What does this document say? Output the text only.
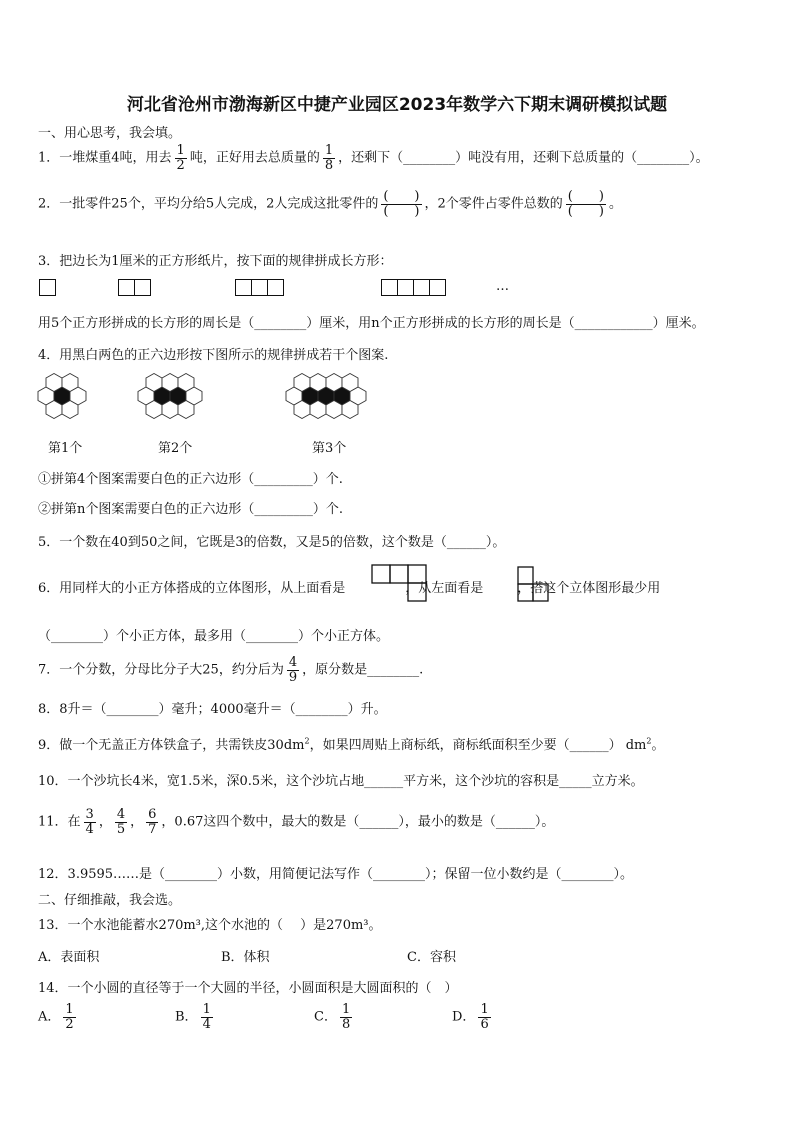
河北省沧州市渤海新区中捷产业园区2023年数学六下期末调研模拟试题
一、用心思考，我会填。
1．一堆煤重4吨，用去 $\frac{1}{2}$ 吨，正好用去总质量的 $\frac{1}{8}$ ，还剩下（________）吨没有用，还剩下总质量的（________）。
2．一批零件25个，平均分给5人完成，2人完成这批零件的 $\frac{( )}{( )}$ ，2个零件占零件总数的 $\frac{( )}{( )}$ 。
3．把边长为1厘米的正方形纸片，按下面的规律拼成长方形：
…
用5个正方形拼成的长方形的周长是（________）厘米，用n个正方形拼成的长方形的周长是（____________）厘米。
4．用黑白两色的正六边形按下图所示的规律拼成若干个图案.
第1个	第2个	第3个
①拼第4个图案需要白色的正六边形（_________）个.
②拼第n个图案需要白色的正六边形（_________）个.
5．一个数在40到50之间，它既是3的倍数，又是5的倍数，这个数是（______）。
6．用同样大的小正方体搭成的立体图形，从上面看是	，从左面看是	，搭这个立体图形最少用
（________）个小正方体，最多用（________）个小正方体。
7．一个分数，分母比分子大25，约分后为 $\frac{4}{9}$ ，原分数是________.
8．8升＝（________）毫升；4000毫升＝（________）升。
9．做一个无盖正方体铁盒子，共需铁皮$30dm^2$，如果四周贴上商标纸，商标纸面积至少要（______） $dm^2$。
10．一个沙坑长4米，宽1.5米，深0.5米，这个沙坑占地______平方米，这个沙坑的容积是_____立方米。
11．在 $\frac{3}{4}$ ， $\frac{4}{5}$ ， $\frac{6}{7}$ ，0.67这四个数中，最大的数是（______），最小的数是（______）。
12．3.9595……是（________）小数，用简便记法写作（________）；保留一位小数约是（________）。
二、仔细推敲，我会选。
13．一个水池能蓄水270m³,这个水池的（　 ）是270m³。
A．表面积	B．体积	C．容积
14．一个小圆的直径等于一个大圆的半径，小圆面积是大圆面积的（　）
A． $\frac{1}{2}$	B． $\frac{1}{4}$	C． $\frac{1}{8}$	D． $\frac{1}{6}$
